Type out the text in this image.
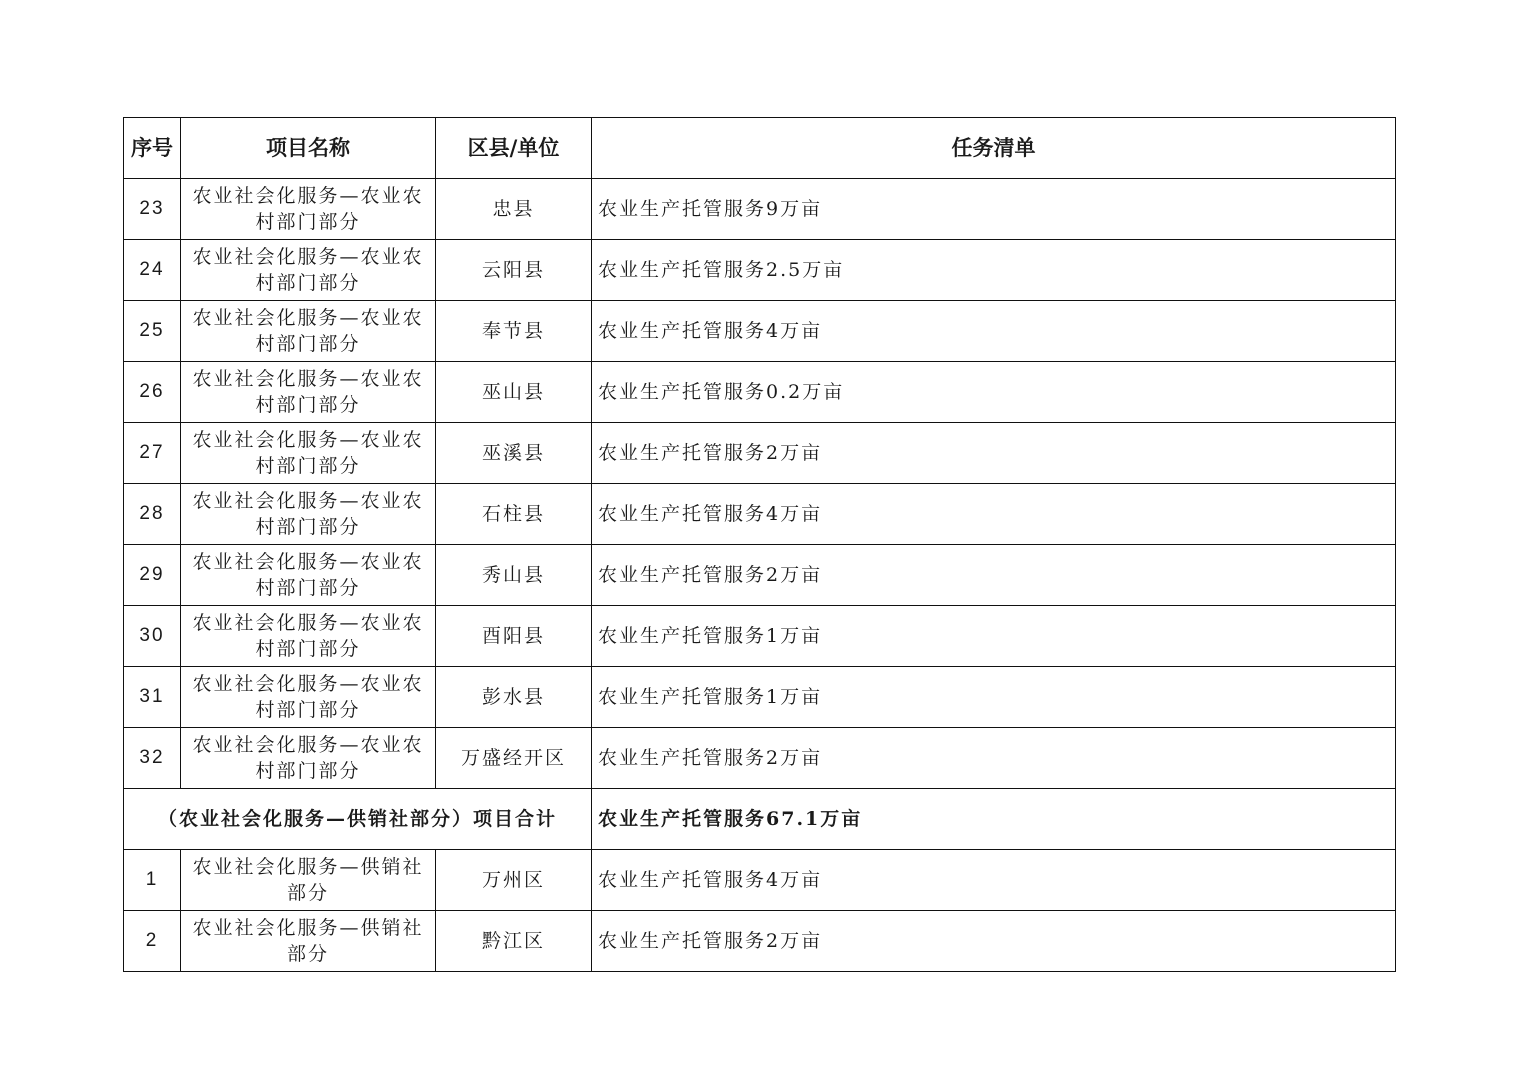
序号	项目名称	区县/单位	任务清单
23	农业社会化服务—农业农村部门部分	忠县	农业生产托管服务9万亩
24	农业社会化服务—农业农村部门部分	云阳县	农业生产托管服务2.5万亩
25	农业社会化服务—农业农村部门部分	奉节县	农业生产托管服务4万亩
26	农业社会化服务—农业农村部门部分	巫山县	农业生产托管服务0.2万亩
27	农业社会化服务—农业农村部门部分	巫溪县	农业生产托管服务2万亩
28	农业社会化服务—农业农村部门部分	石柱县	农业生产托管服务4万亩
29	农业社会化服务—农业农村部门部分	秀山县	农业生产托管服务2万亩
30	农业社会化服务—农业农村部门部分	酉阳县	农业生产托管服务1万亩
31	农业社会化服务—农业农村部门部分	彭水县	农业生产托管服务1万亩
32	农业社会化服务—农业农村部门部分	万盛经开区	农业生产托管服务2万亩
（农业社会化服务—供销社部分）项目合计			农业生产托管服务67.1万亩
1	农业社会化服务—供销社部分	万州区	农业生产托管服务4万亩
2	农业社会化服务—供销社部分	黔江区	农业生产托管服务2万亩
